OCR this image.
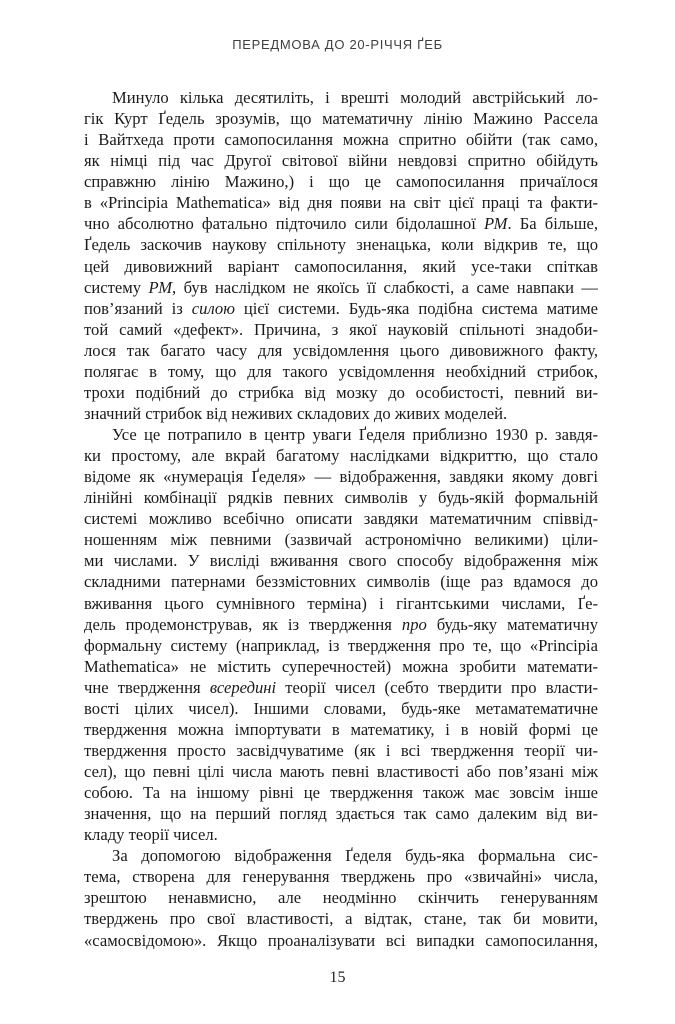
ПЕРЕДМОВА ДО 20-РІЧЧЯ ҐЕБ
Минуло кілька десятиліть, і врешті молодий австрійський ло-
гік Курт Ґедель зрозумів, що математичну лінію Мажино Рассела
і Вайтхеда проти самопосилання можна спритно обійти (так само,
як німці під час Другої світової війни невдовзі спритно обійдуть
справжню лінію Мажино,) і що це самопосилання причаїлося
в «Principia Mathematica» від дня появи на світ цієї праці та факти-
чно абсолютно фатально підточило сили бідолашної РМ. Ба більше,
Ґедель заскочив наукову спільноту зненацька, коли відкрив те, що
цей дивовижний варіант самопосилання, який усе-таки спіткав
систему РМ, був наслідком не якоїсь її слабкості, а саме навпаки —
пов’язаний із силою цієї системи. Будь-яка подібна система матиме
той самий «дефект». Причина, з якої науковій спільноті знадоби-
лося так багато часу для усвідомлення цього дивовижного факту,
полягає в тому, що для такого усвідомлення необхідний стрибок,
трохи подібний до стрибка від мозку до особистості, певний ви-
значний стрибок від неживих складових до живих моделей.
Усе це потрапило в центр уваги Ґеделя приблизно 1930 р. завдя-
ки простому, але вкрай багатому наслідками відкриттю, що стало
відоме як «нумерація Ґеделя» — відображення, завдяки якому довгі
лінійні комбінації рядків певних символів у будь-якій формальній
системі можливо всебічно описати завдяки математичним співвід-
ношенням між певними (зазвичай астрономічно великими) ціли-
ми числами. У висліді вживання свого способу відображення між
складними патернами беззмістовних символів (іще раз вдамося до
вживання цього сумнівного терміна) і гігантськими числами, Ґе-
дель продемонстрував, як із твердження про будь-яку математичну
формальну систему (наприклад, із твердження про те, що «Principia
Mathematica» не містить суперечностей) можна зробити математи-
чне твердження всередині теорії чисел (себто твердити про власти-
вості цілих чисел). Іншими словами, будь-яке метаматематичне
твердження можна імпортувати в математику, і в новій формі це
твердження просто засвідчуватиме (як і всі твердження теорії чи-
сел), що певні цілі числа мають певні властивості або пов’язані між
собою. Та на іншому рівні це твердження також має зовсім інше
значення, що на перший погляд здається так само далеким від ви-
кладу теорії чисел.
За допомогою відображення Ґеделя будь-яка формальна сис-
тема, створена для генерування тверджень про «звичайні» числа,
зрештою ненавмисно, але неодмінно скінчить генеруванням
тверджень про свої властивості, а відтак, стане, так би мовити,
«самосвідомою». Якщо проаналізувати всі випадки самопосилання,
15
